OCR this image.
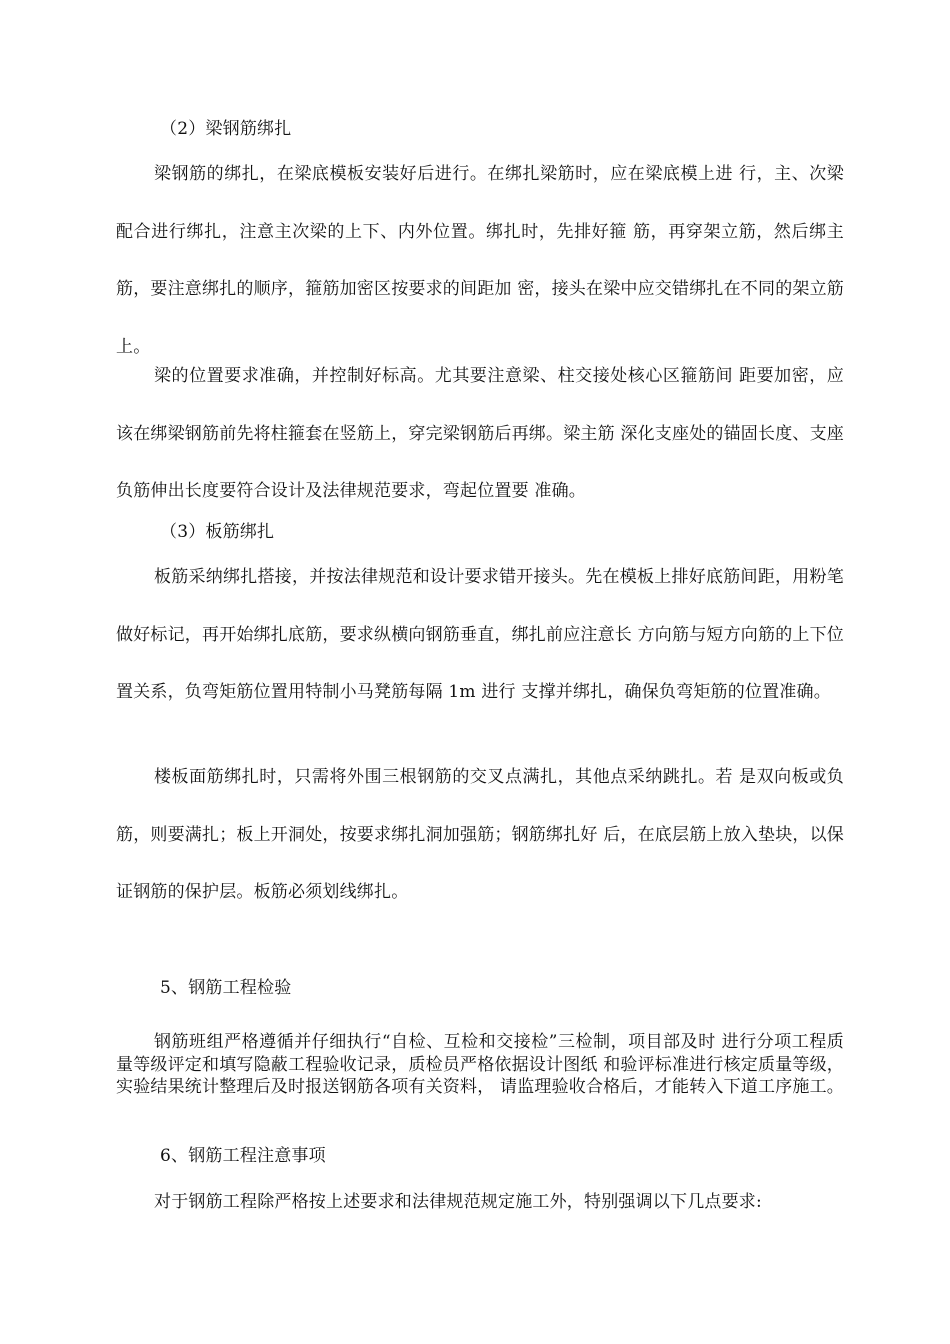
（2）梁钢筋绑扎
梁钢筋的绑扎，在梁底模板安装好后进行。在绑扎梁筋时，应在梁底模上进 行，主、次梁配合进行绑扎，注意主次梁的上下、内外位置。绑扎时，先排好箍 筋，再穿架立筋，然后绑主筋，要注意绑扎的顺序，箍筋加密区按要求的间距加 密，接头在梁中应交错绑扎在不同的架立筋上。
梁的位置要求准确，并控制好标高。尤其要注意梁、柱交接处核心区箍筋间 距要加密，应该在绑梁钢筋前先将柱箍套在竖筋上，穿完梁钢筋后再绑。梁主筋 深化支座处的锚固长度、支座负筋伸出长度要符合设计及法律规范要求，弯起位置要 准确。
（3）板筋绑扎
板筋采纳绑扎搭接，并按法律规范和设计要求错开接头。先在模板上排好底筋间距，用粉笔做好标记，再开始绑扎底筋，要求纵横向钢筋垂直，绑扎前应注意长 方向筋与短方向筋的上下位置关系，负弯矩筋位置用特制小马凳筋每隔 1m 进行 支撑并绑扎，确保负弯矩筋的位置准确。
楼板面筋绑扎时，只需将外围三根钢筋的交叉点满扎，其他点采纳跳扎。若 是双向板或负筋，则要满扎；板上开洞处，按要求绑扎洞加强筋；钢筋绑扎好 后，在底层筋上放入垫块，以保证钢筋的保护层。板筋必须划线绑扎。
5、钢筋工程检验
钢筋班组严格遵循并仔细执行“自检、互检和交接检”三检制，项目部及时 进行分项工程质量等级评定和填写隐蔽工程验收记录，质检员严格依据设计图纸 和验评标准进行核定质量等级，实验结果统计整理后及时报送钢筋各项有关资料， 请监理验收合格后，才能转入下道工序施工。
6、钢筋工程注意事项
对于钢筋工程除严格按上述要求和法律规范规定施工外，特别强调以下几点要求:
